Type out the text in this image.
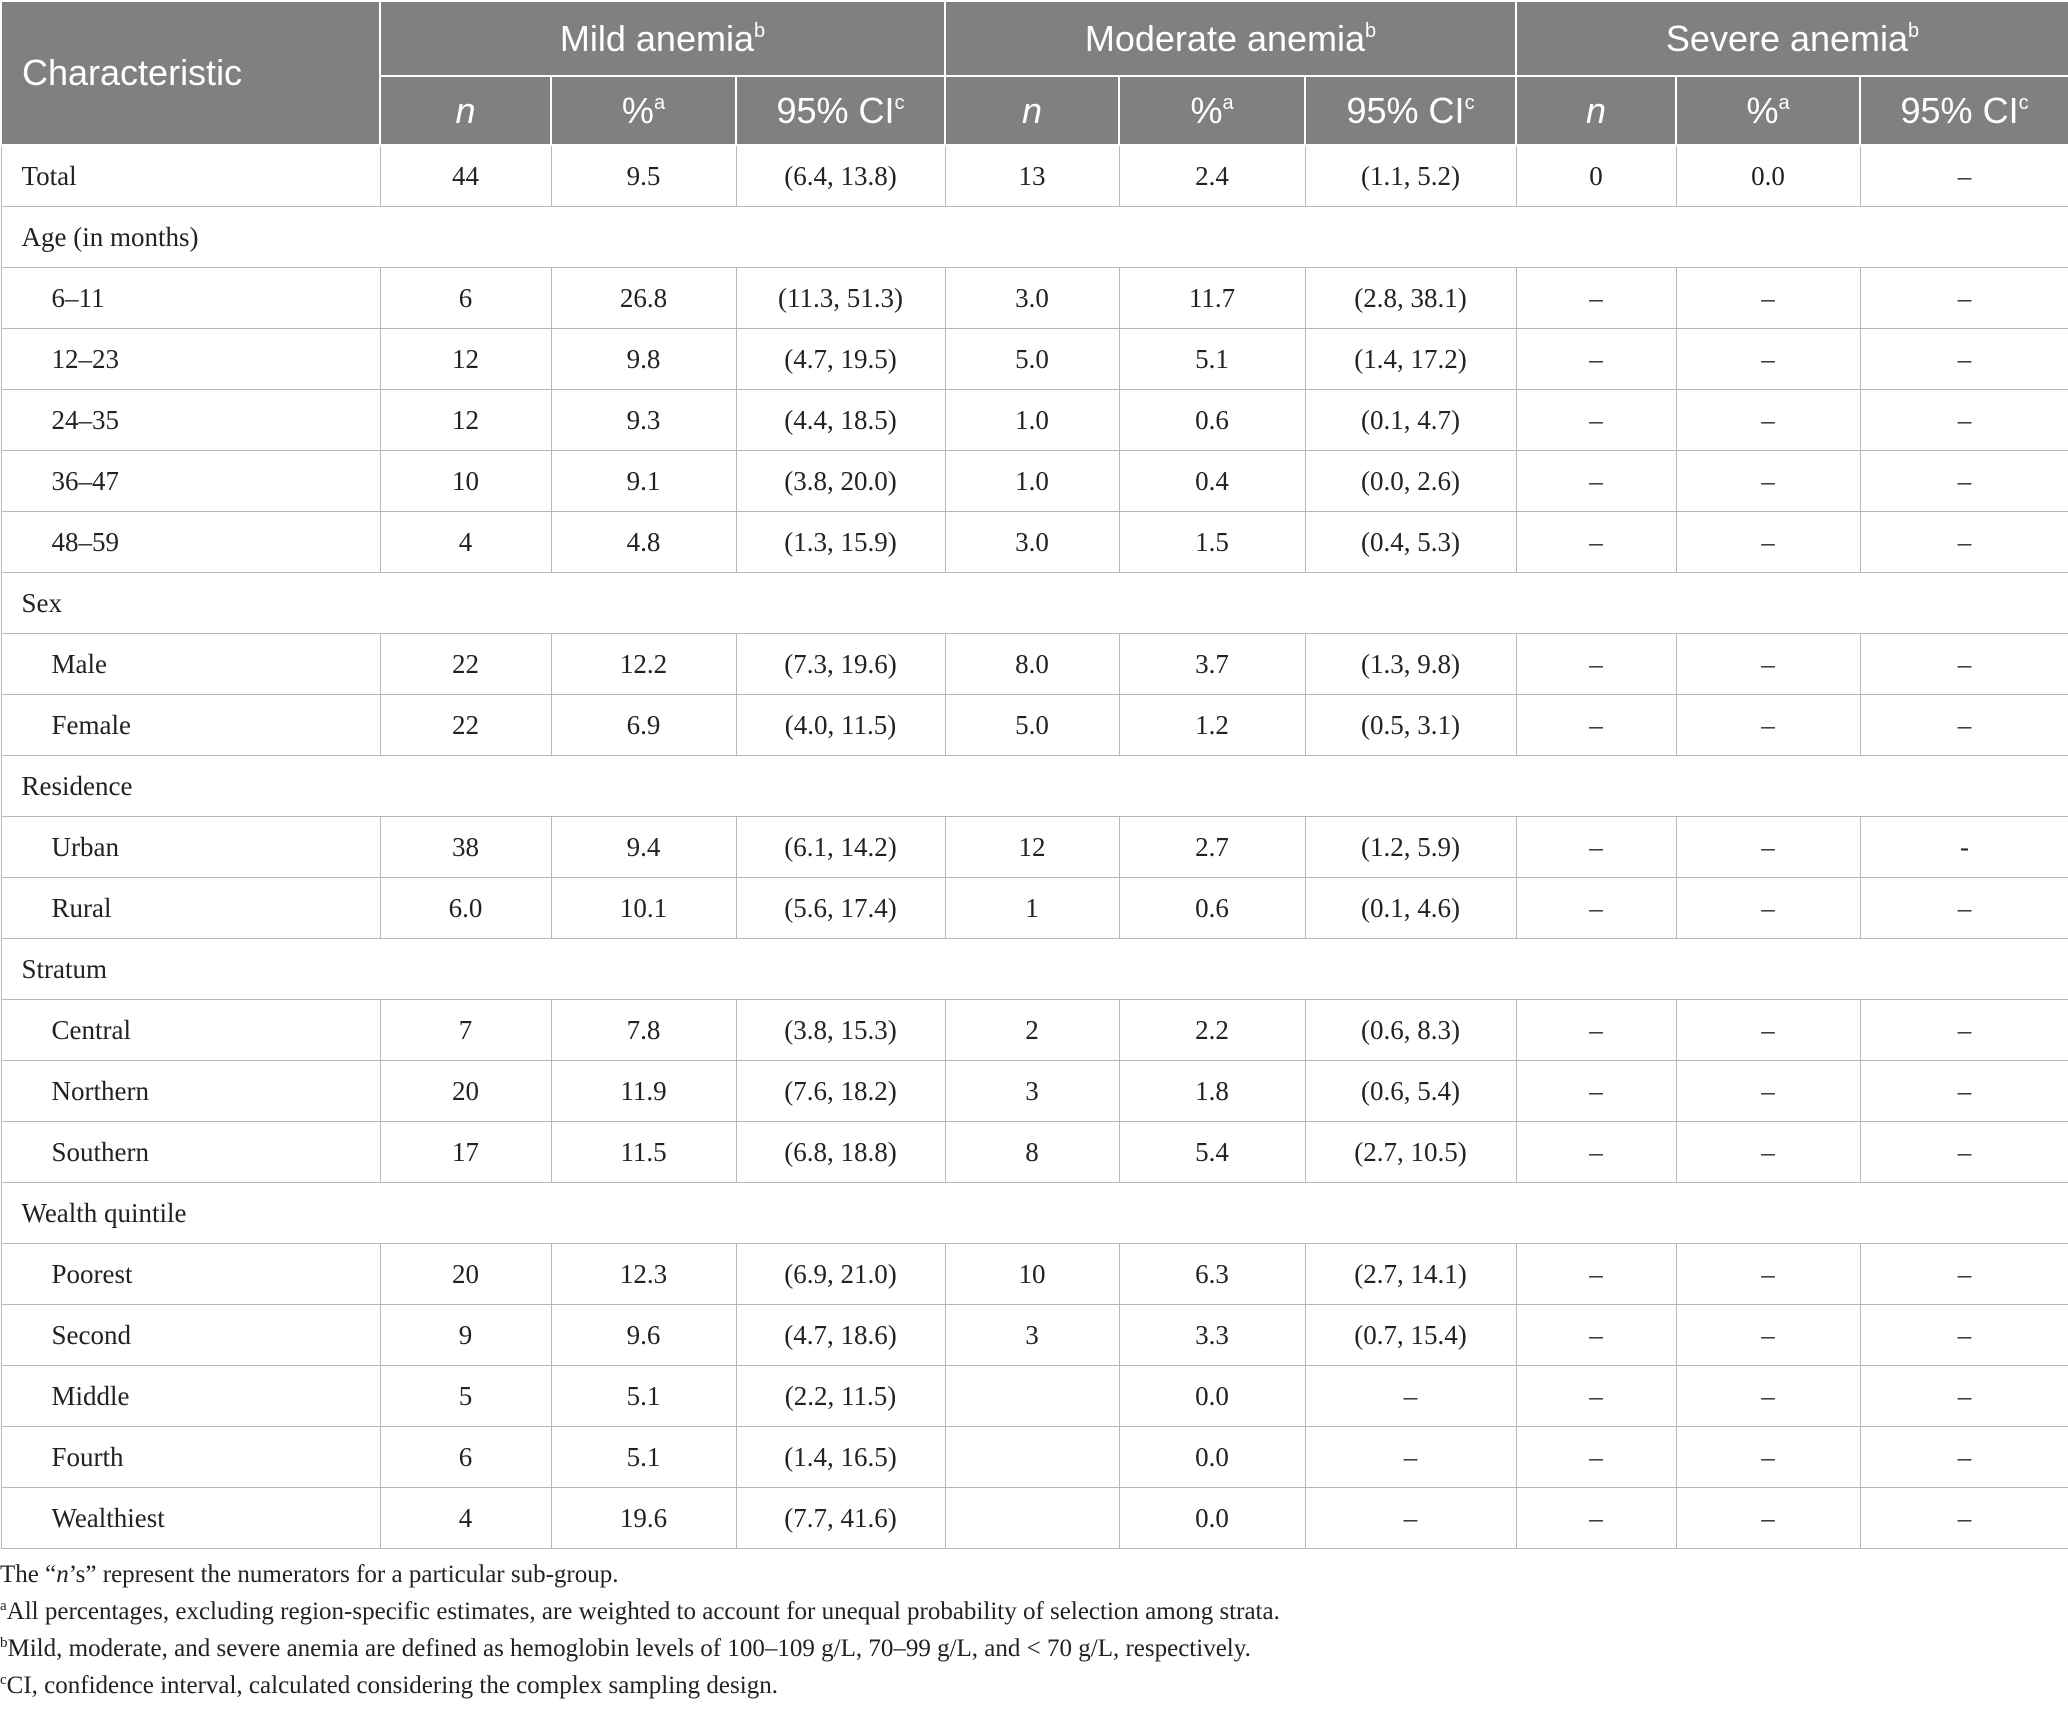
Characteristic	Mild anemia$^b$			Moderate anemia$^b$			Severe anemia$^b$
	n	%$^a$	95% $CI^c$	n	%$^a$	95% $CI^c$	n	%$^a$	95% $CI^c$
Total	44	9.5	(6.4, 13.8)	13	2.4	(1.1, 5.2)	0	0.0	–
Age (in months)									
6–11	6	26.8	(11.3, 51.3)	3.0	11.7	(2.8, 38.1)	–	–	–
12–23	12	9.8	(4.7, 19.5)	5.0	5.1	(1.4, 17.2)	–	–	–
24–35	12	9.3	(4.4, 18.5)	1.0	0.6	(0.1, 4.7)	–	–	–
36–47	10	9.1	(3.8, 20.0)	1.0	0.4	(0.0, 2.6)	–	–	–
48–59	4	4.8	(1.3, 15.9)	3.0	1.5	(0.4, 5.3)	–	–	–
Sex									
Male	22	12.2	(7.3, 19.6)	8.0	3.7	(1.3, 9.8)	–	–	–
Female	22	6.9	(4.0, 11.5)	5.0	1.2	(0.5, 3.1)	–	–	–
Residence									
Urban	38	9.4	(6.1, 14.2)	12	2.7	(1.2, 5.9)	–	–	-
Rural	6.0	10.1	(5.6, 17.4)	1	0.6	(0.1, 4.6)	–	–	–
Stratum									
Central	7	7.8	(3.8, 15.3)	2	2.2	(0.6, 8.3)	–	–	–
Northern	20	11.9	(7.6, 18.2)	3	1.8	(0.6, 5.4)	–	–	–
Southern	17	11.5	(6.8, 18.8)	8	5.4	(2.7, 10.5)	–	–	–
Wealth quintile									
Poorest	20	12.3	(6.9, 21.0)	10	6.3	(2.7, 14.1)	–	–	–
Second	9	9.6	(4.7, 18.6)	3	3.3	(0.7, 15.4)	–	–	–
Middle	5	5.1	(2.2, 11.5)		0.0	–	–	–	–
Fourth	6	5.1	(1.4, 16.5)		0.0	–	–	–	–
Wealthiest	4	19.6	(7.7, 41.6)		0.0	–	–	–	–

The “n’s” represent the numerators for a particular sub-group.

$^a$All percentages, excluding region-specific estimates, are weighted to account for unequal probability of selection among strata.

$^b$Mild, moderate, and severe anemia are defined as hemoglobin levels of 100–109 g/L, 70–99 g/L, and < 70 g/L, respectively.

$^c$CI, confidence interval, calculated considering the complex sampling design.
